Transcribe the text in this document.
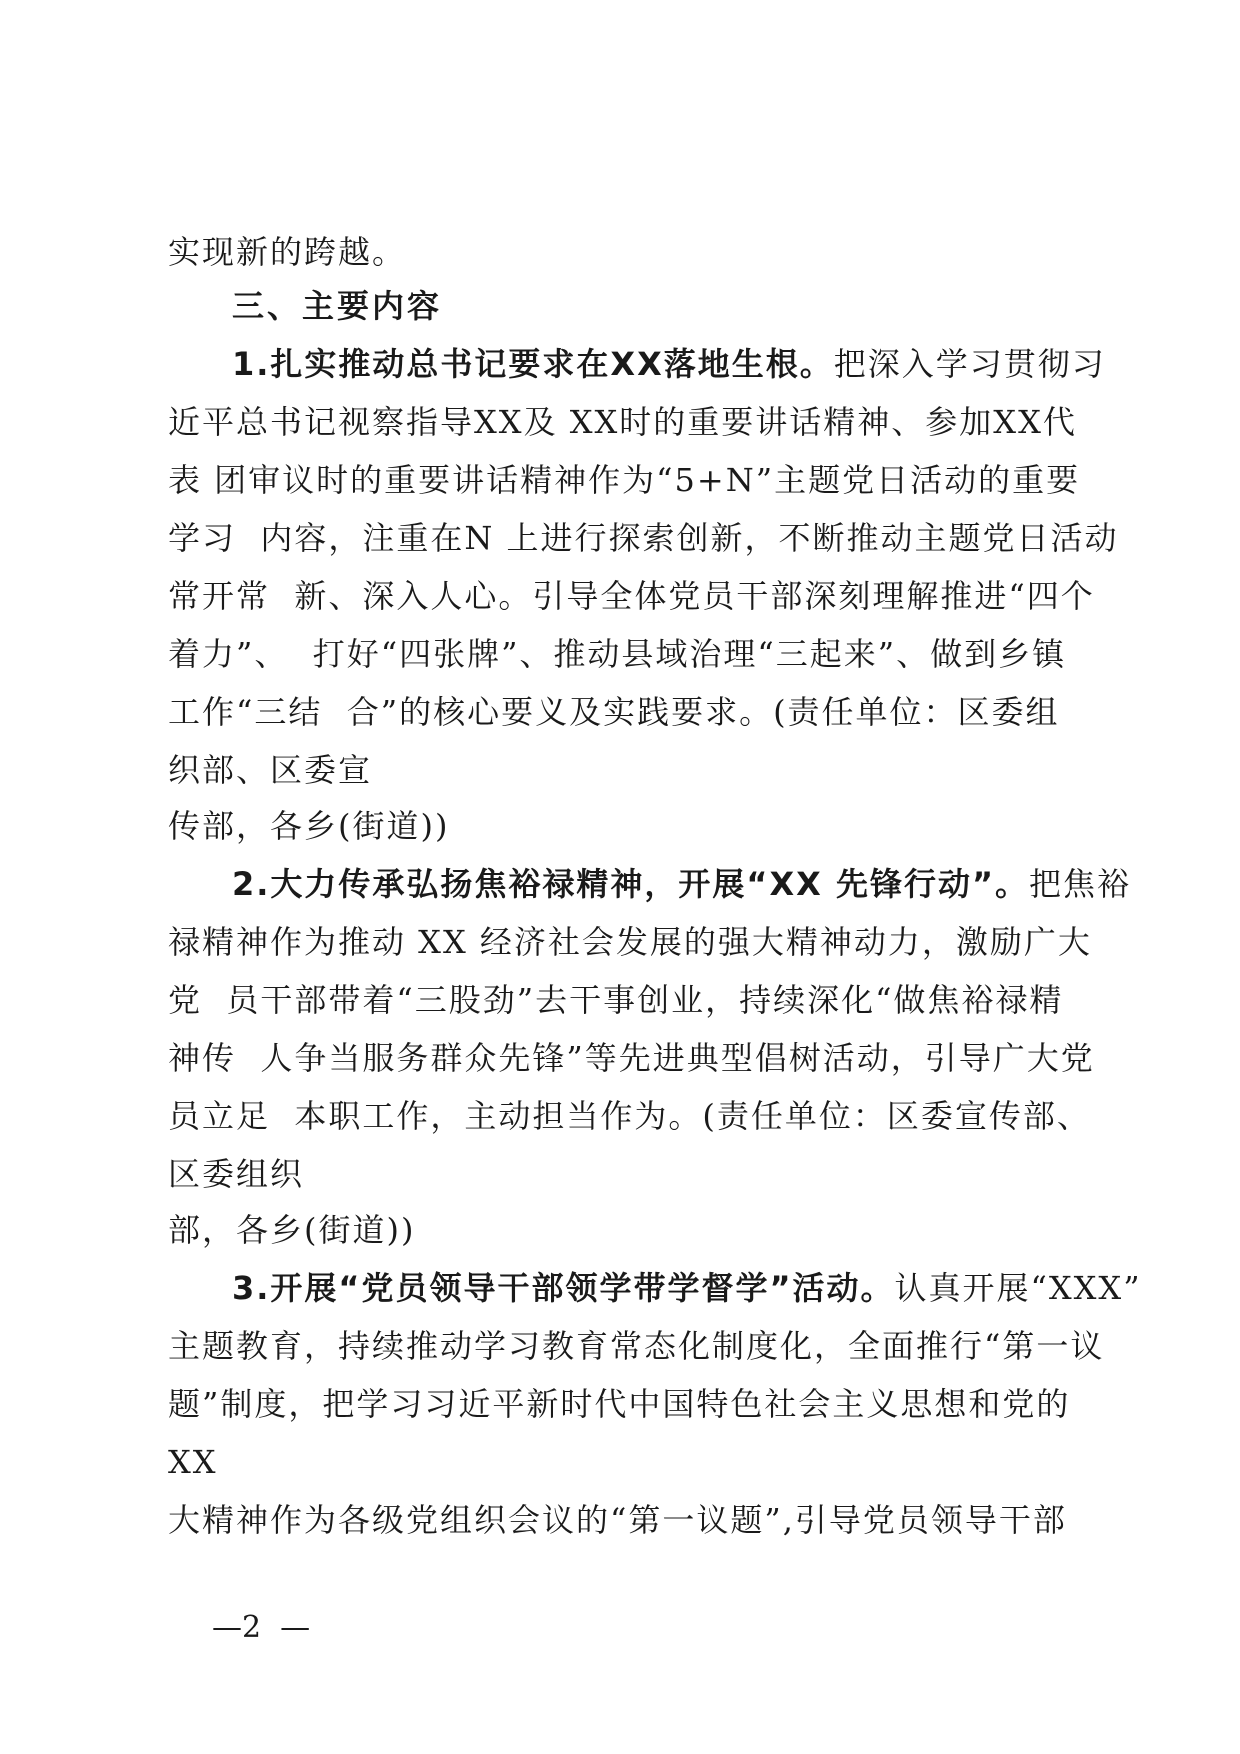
实现新的跨越。
三、主要内容
1.扎实推动总书记要求在XX落地生根。把深入学习贯彻习
近平总书记视察指导XX及 XX时的重要讲话精神、参加XX代
表 团审议时的重要讲话精神作为“5+N”主题党日活动的重要
学习  内容，注重在N 上进行探索创新，不断推动主题党日活动
常开常  新、深入人心。引导全体党员干部深刻理解推进“四个
着力”、  打好“四张牌”、推动县域治理“三起来”、做到乡镇
工作“三结  合”的核心要义及实践要求。(责任单位：区委组
织部、区委宣
传部，各乡(街道))
2.大力传承弘扬焦裕禄精神，开展“XX 先锋行动”。把焦裕
禄精神作为推动 XX 经济社会发展的强大精神动力，激励广大
党  员干部带着“三股劲”去干事创业，持续深化“做焦裕禄精
神传  人争当服务群众先锋”等先进典型倡树活动，引导广大党
员立足  本职工作，主动担当作为。(责任单位：区委宣传部、
区委组织
部，各乡(街道))
3.开展“党员领导干部领学带学督学”活动。认真开展“XXX”
主题教育，持续推动学习教育常态化制度化，全面推行“第一议
题”制度，把学习习近平新时代中国特色社会主义思想和党的
XX
大精神作为各级党组织会议的“第一议题”,引导党员领导干部
—2  —
